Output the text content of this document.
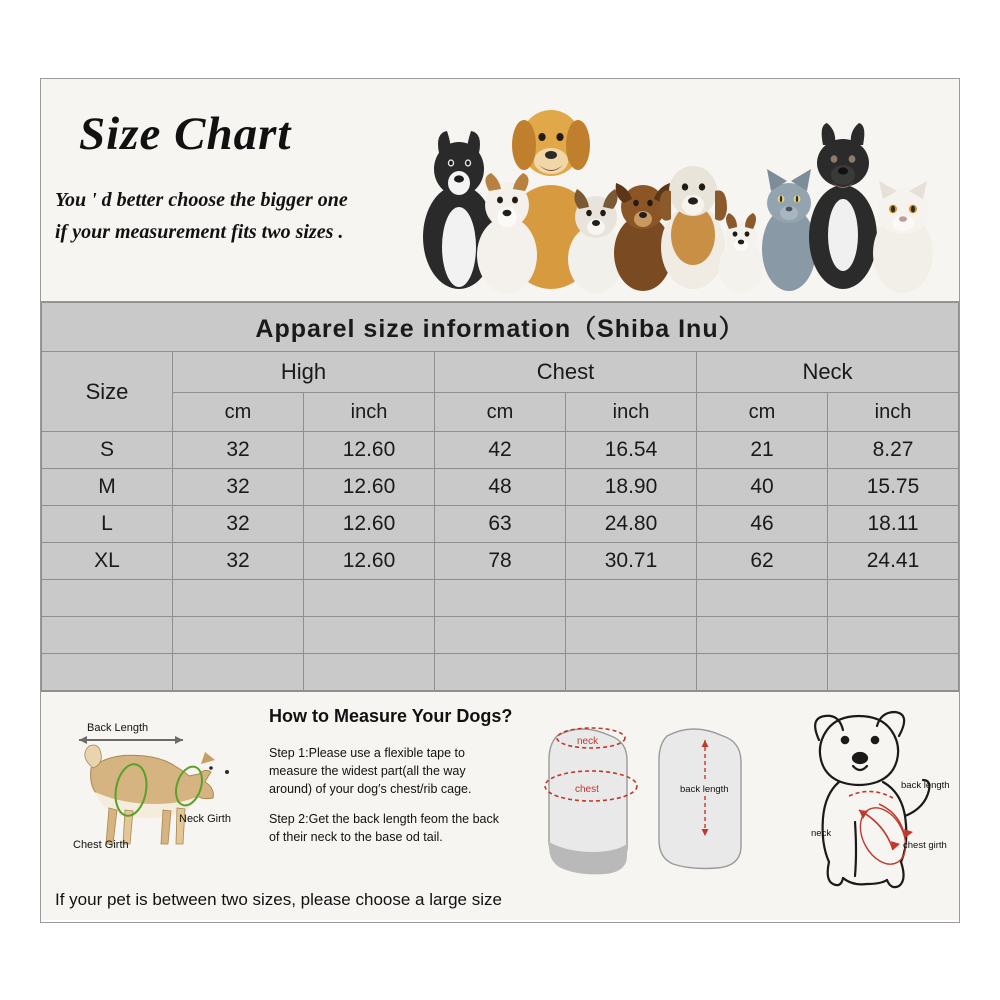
Size Chart
You ' d better choose the bigger one
if your measurement fits two sizes .
Apparel size information（Shiba Inu）						
Size	High		Chest		Neck	
	cm	inch	cm	inch	cm	inch
S	32	12.60	42	16.54	21	8.27
M	32	12.60	48	18.90	40	15.75
L	32	12.60	63	24.80	46	18.11
XL	32	12.60	78	30.71	62	24.41

Back Length
Neck Girth
Chest Girth
How to Measure Your Dogs?
Step 1:Please use a flexible tape to measure the widest part(all the way around) of your dog′s chest/rib cage.
Step 2:Get the back length feom the back of their neck to the base od tail.
neck
chest	back length	back length
neck
chest girth
If your pet is between two sizes, please choose a large size
